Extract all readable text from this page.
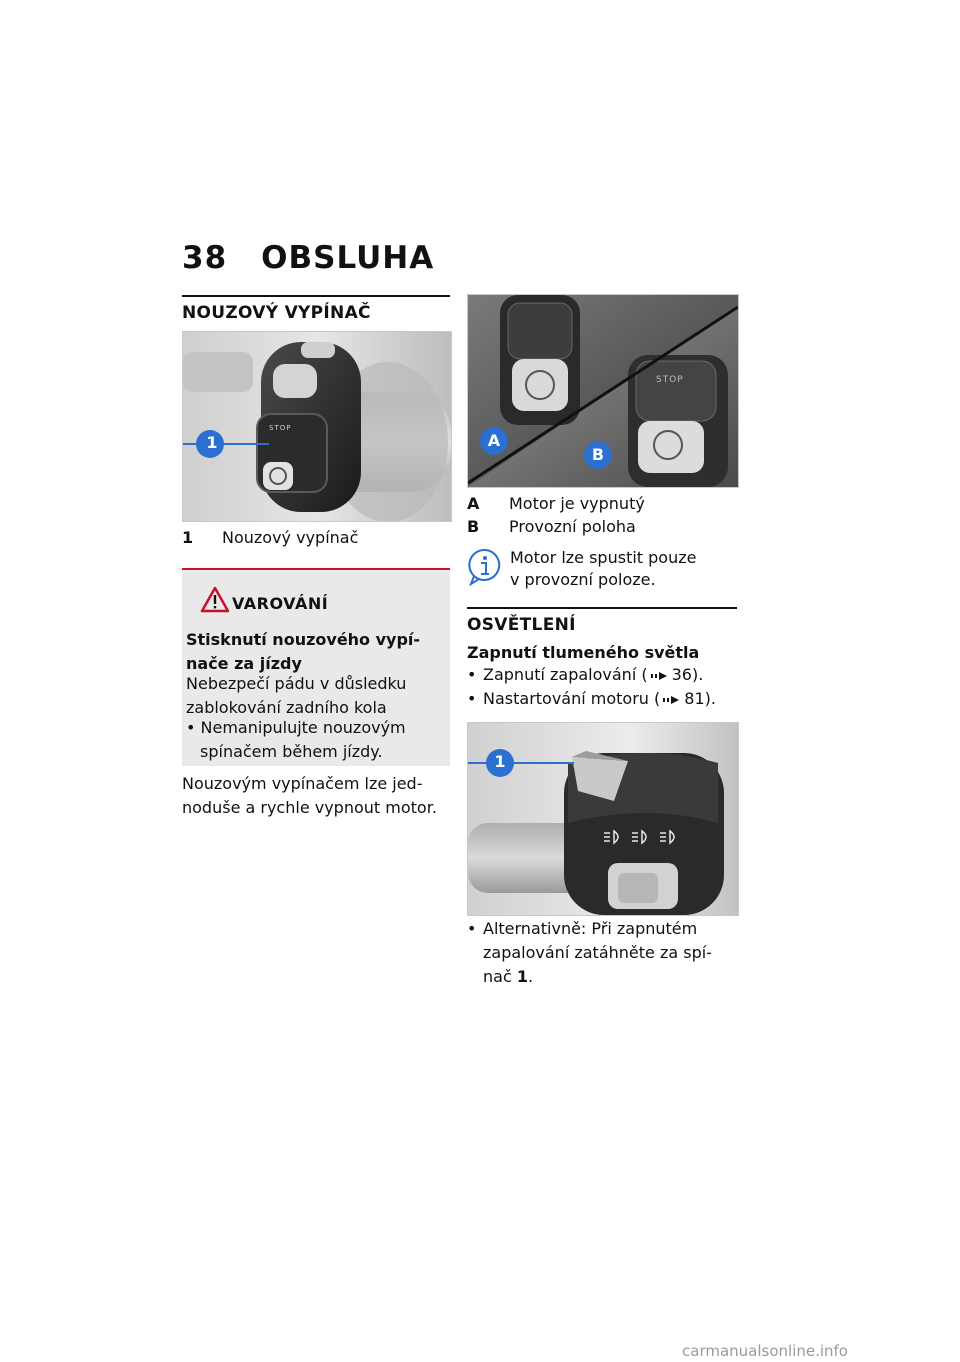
38 OBSLUHA
NOUZOVÝ VYPÍNAČ
1
STOP
1	Nouzový vypínač
VAROVÁNÍ
Stisknutí nouzového vypí-
nače za jízdy
Nebezpečí pádu v důsledku
zablokování zadního kola
• Nemanipulujte nouzovým
spínačem během jízdy.
Nouzovým vypínačem lze jed-
noduše a rychle vypnout motor.
A
B
STOP
A	Motor je vypnutý
B	Provozní poloha
Motor lze spustit pouze
v provozní poloze.
OSVĚTLENÍ
Zapnutí tlumeného světla
• Zapnutí zapalování ( 36).
• Nastartování motoru ( 81).
1
• Alternativně: Při zapnutém
zapalování zatáhněte za spí-
nač 1.
carmanualsonline.info
